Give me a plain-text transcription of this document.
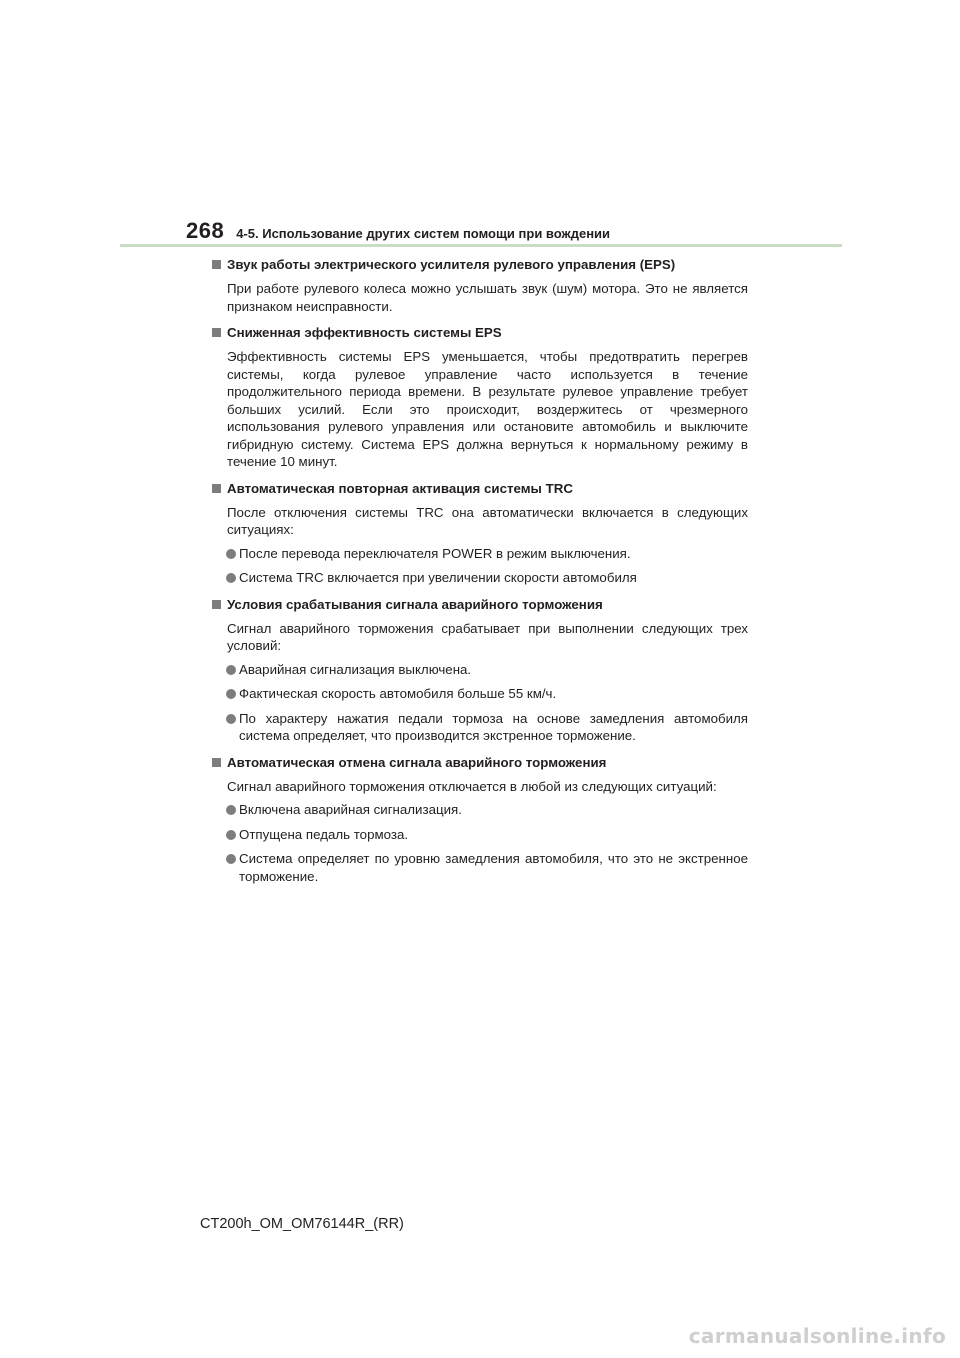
268 4-5. Использование других систем помощи при вождении
Звук работы электрического усилителя рулевого управления (EPS)
При работе рулевого колеса можно услышать звук (шум) мотора. Это не является признаком неисправности.
Сниженная эффективность системы EPS
Эффективность системы EPS уменьшается, чтобы предотвратить перегрев системы, когда рулевое управление часто используется в течение продолжительного периода времени. В результате рулевое управление требует больших усилий. Если это происходит, воздержитесь от чрезмерного использования рулевого управления или остановите автомобиль и выключите гибридную систему. Система EPS должна вернуться к нормальному режиму в течение 10 минут.
Автоматическая повторная активация системы TRC
После отключения системы TRC она автоматически включается в следующих ситуациях:
После перевода переключателя POWER в режим выключения.
Система TRC включается при увеличении скорости автомобиля
Условия срабатывания сигнала аварийного торможения
Сигнал аварийного торможения срабатывает при выполнении следующих трех условий:
Аварийная сигнализация выключена.
Фактическая скорость автомобиля больше 55 км/ч.
По характеру нажатия педали тормоза на основе замедления автомобиля система определяет, что производится экстренное торможение.
Автоматическая отмена сигнала аварийного торможения
Сигнал аварийного торможения отключается в любой из следующих ситуаций:
Включена аварийная сигнализация.
Отпущена педаль тормоза.
Система определяет по уровню замедления автомобиля, что это не экстренное торможение.
CT200h_OM_OM76144R_(RR)
carmanualsonline.info
